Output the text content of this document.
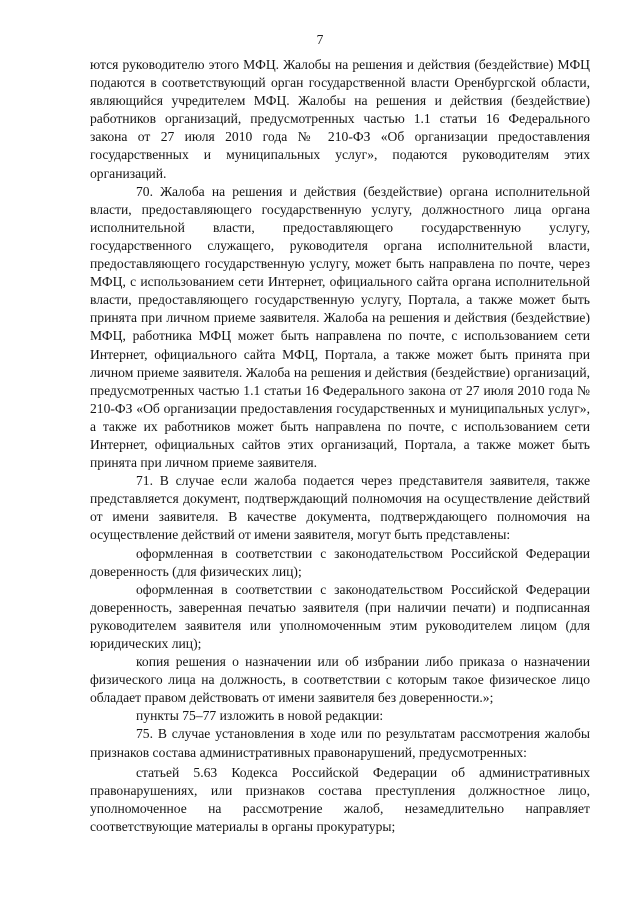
7

ются руководителю этого МФЦ. Жалобы на решения и действия (бездействие) МФЦ подаются в соответствующий орган государственной власти Оренбургской области, являющийся учредителем МФЦ. Жалобы на решения и действия (бездействие) работников организаций, предусмотренных частью 1.1 статьи 16 Федерального закона от 27 июля 2010 года № 210-ФЗ «Об организации предоставления государственных и муниципальных услуг», подаются руководителям этих организаций.

70. Жалоба на решения и действия (бездействие) органа исполнительной власти, предоставляющего государственную услугу, должностного лица органа исполнительной власти, предоставляющего государственную услугу, государственного служащего, руководителя органа исполнительной власти, предоставляющего государственную услугу, может быть направлена по почте, через МФЦ, с использованием сети Интернет, официального сайта органа исполнительной власти, предоставляющего государственную услугу, Портала, а также может быть принята при личном приеме заявителя. Жалоба на решения и действия (бездействие) МФЦ, работника МФЦ может быть направлена по почте, с использованием сети Интернет, официального сайта МФЦ, Портала, а также может быть принята при личном приеме заявителя. Жалоба на решения и действия (бездействие) организаций, предусмотренных частью 1.1 статьи 16 Федерального закона от 27 июля 2010 года № 210-ФЗ «Об организации предоставления государственных и муниципальных услуг», а также их работников может быть направлена по почте, с использованием сети Интернет, официальных сайтов этих организаций, Портала, а также может быть принята при личном приеме заявителя.

71. В случае если жалоба подается через представителя заявителя, также представляется документ, подтверждающий полномочия на осуществление действий от имени заявителя. В качестве документа, подтверждающего полномочия на осуществление действий от имени заявителя, могут быть представлены:

оформленная в соответствии с законодательством Российской Федерации доверенность (для физических лиц);

оформленная в соответствии с законодательством Российской Федерации доверенность, заверенная печатью заявителя (при наличии печати) и подписанная руководителем заявителя или уполномоченным этим руководителем лицом (для юридических лиц);

копия решения о назначении или об избрании либо приказа о назначении физического лица на должность, в соответствии с которым такое физическое лицо обладает правом действовать от имени заявителя без доверенности.»;

пункты 75–77 изложить в новой редакции:

75. В случае установления в ходе или по результатам рассмотрения жалобы признаков состава административных правонарушений, предусмотренных:

статьей 5.63 Кодекса Российской Федерации об административных правонарушениях, или признаков состава преступления должностное лицо, уполномоченное на рассмотрение жалоб, незамедлительно направляет соответствующие материалы в органы прокуратуры;
